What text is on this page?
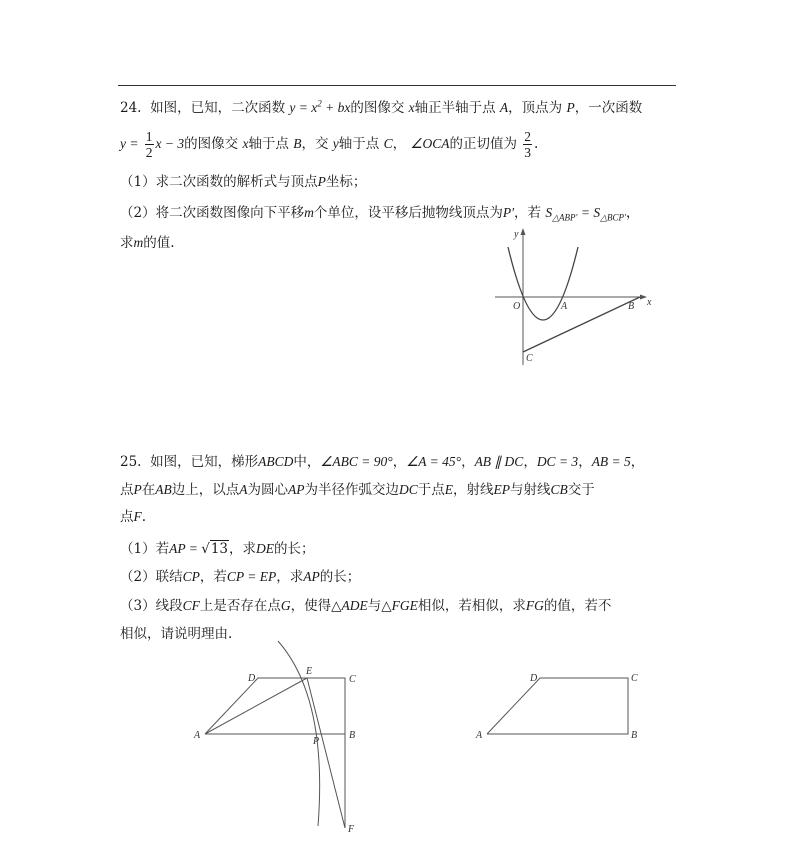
24. 如图，已知，二次函数 $y = x^2$ + bx的图像交 x轴正半轴于点 A，顶点为 P，一次函数
$y = \frac{1}{2}$ x − 3的图像交 x轴于点 B，交 y轴于点 C， ∠OCA的正切值为 $\frac{2}{3}$ .
（1）求二次函数的解析式与顶点P坐标；
（2）将二次函数图像向下平移m个单位，设平移后抛物线顶点为P′，若 $S_{\triangle ABP'} = S_{\triangle BCP'}$，
求m的值.
y
x
O	A	B
C
25. 如图，已知，梯形ABCD中，∠ABC = 90°，∠A = 45°，AB ∥ DC，DC = 3，AB = 5，
点P在AB边上，以点A为圆心AP为半径作弧交边DC于点E，射线EP与射线CB交于
点F.
（1）若AP = √13，求DE的长；
（2）联结CP，若CP = EP，求AP的长；
（3）线段CF上是否存在点G，使得△ADE与△FGE相似，若相似，求FG的值，若不
相似，请说明理由.
D
E
C
A
P
B
F
D	C
A	B
